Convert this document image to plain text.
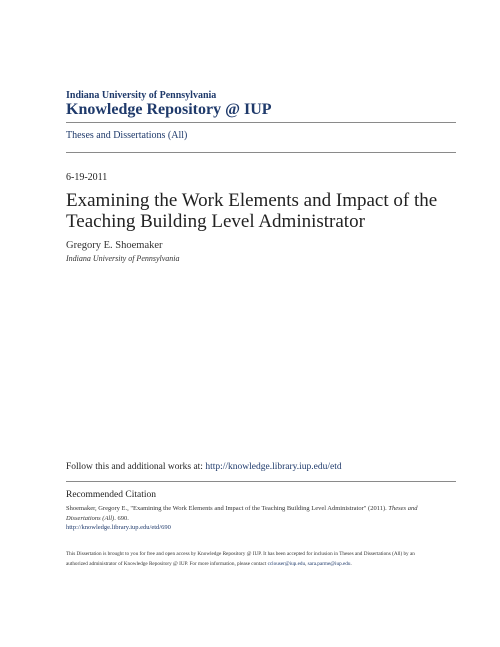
Indiana University of Pennsylvania
Knowledge Repository @ IUP
Theses and Dissertations (All)
6-19-2011
Examining the Work Elements and Impact of the Teaching Building Level Administrator
Gregory E. Shoemaker
Indiana University of Pennsylvania
Follow this and additional works at: http://knowledge.library.iup.edu/etd
Recommended Citation
Shoemaker, Gregory E., "Examining the Work Elements and Impact of the Teaching Building Level Administrator" (2011). Theses and Dissertations (All). 690.
http://knowledge.library.iup.edu/etd/690
This Dissertation is brought to you for free and open access by Knowledge Repository @ IUP. It has been accepted for inclusion in Theses and Dissertations (All) by an authorized administrator of Knowledge Repository @ IUP. For more information, please contact cclouser@iup.edu, sara.parme@iup.edu.
